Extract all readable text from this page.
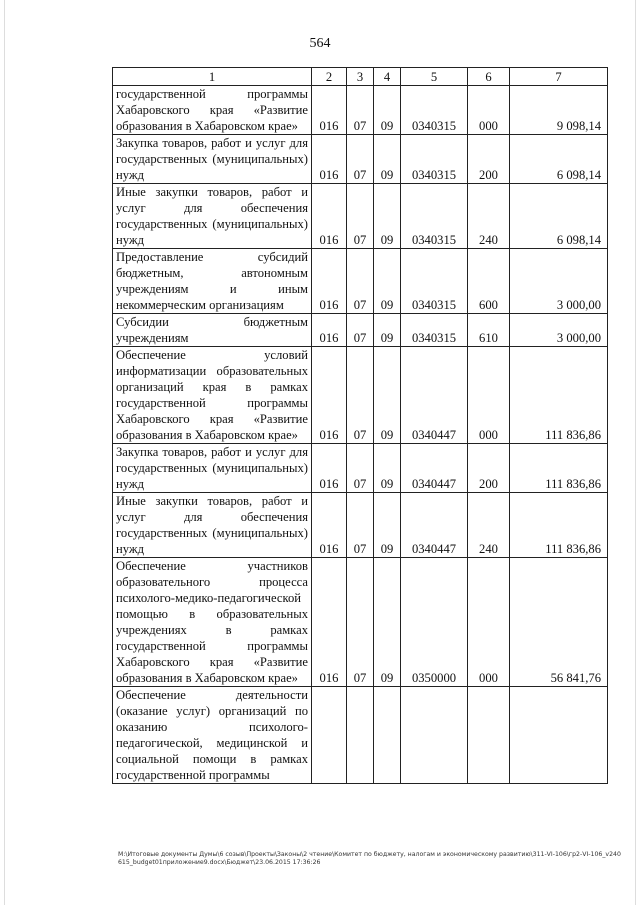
564
1	2	3	4	5	6	7
государственной программы Хабаровского края «Развитие образования в Хабаровском крае»	016	07	09	0340315	000	9 098,14
Закупка товаров, работ и услуг для государственных (муниципальных) нужд	016	07	09	0340315	200	6 098,14
Иные закупки товаров, работ и услуг для обеспечения государственных (муниципальных) нужд	016	07	09	0340315	240	6 098,14
Предоставление субсидий бюджетным, автономным учреждениям и иным некоммерческим организациям	016	07	09	0340315	600	3 000,00
Субсидии бюджетным учреждениям	016	07	09	0340315	610	3 000,00
Обеспечение условий информатизации образовательных организаций края в рамках государственной программы Хабаровского края «Развитие образования в Хабаровском крае»	016	07	09	0340447	000	111 836,86
Закупка товаров, работ и услуг для государственных (муниципальных) нужд	016	07	09	0340447	200	111 836,86
Иные закупки товаров, работ и услуг для обеспечения государственных (муниципальных) нужд	016	07	09	0340447	240	111 836,86
Обеспечение участников образовательного процесса психолого-медико-педагогической помощью в образовательных учреждениях в рамках государственной программы Хабаровского края «Развитие образования в Хабаровском крае»	016	07	09	0350000	000	56 841,76
Обеспечение деятельности (оказание услуг) организаций по оказанию психолого-педагогической, медицинской и социальной помощи в рамках государственной программы						
М:\Итоговые документы Думы\6 созыв\Проекты\Законы\2 чтение\Комитет по бюджету, налогам и экономическому развитию\311-VI-106\гр2-VI-106_v240615_budget01приложение9.docx\Бюджет\23.06.2015 17:36:26
